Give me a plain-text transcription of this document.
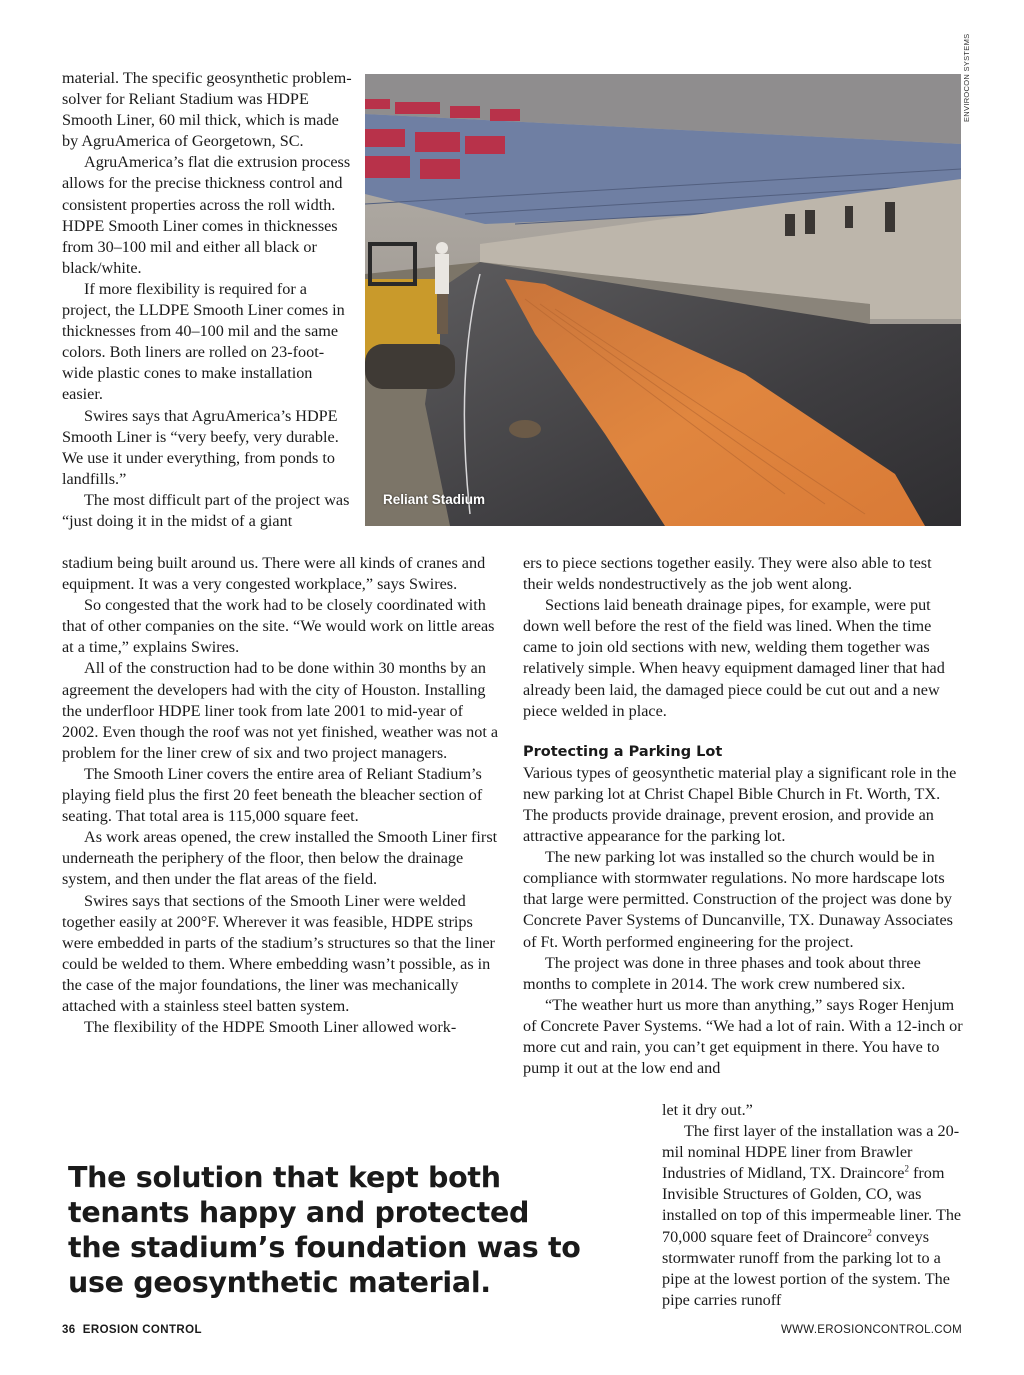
material. The specific geosynthetic problem-solver for Reliant Stadium was HDPE Smooth Liner, 60 mil thick, which is made by AgruAmerica of Georgetown, SC.

AgruAmerica’s flat die extrusion process allows for the precise thickness control and consistent properties across the roll width. HDPE Smooth Liner comes in thicknesses from 30–100 mil and either all black or black/white.

If more flexibility is required for a project, the LLDPE Smooth Liner comes in thicknesses from 40–100 mil and the same colors. Both liners are rolled on 23-foot-wide plastic cones to make installation easier.

Swires says that AgruAmerica’s HDPE Smooth Liner is “very beefy, very durable. We use it under everything, from ponds to landfills.”

The most difficult part of the project was “just doing it in the midst of a giant

Reliant Stadium
ENVIROCON SYSTEMS

stadium being built around us. There were all kinds of cranes and equipment. It was a very congested workplace,” says Swires.

So congested that the work had to be closely coordinated with that of other companies on the site. “We would work on little areas at a time,” explains Swires.

All of the construction had to be done within 30 months by an agreement the developers had with the city of Houston. Installing the underfloor HDPE liner took from late 2001 to mid-year of 2002. Even though the roof was not yet finished, weather was not a problem for the liner crew of six and two project managers.

The Smooth Liner covers the entire area of Reliant Stadium’s playing field plus the first 20 feet beneath the bleacher section of seating. That total area is 115,000 square feet.

As work areas opened, the crew installed the Smooth Liner first underneath the periphery of the floor, then below the drainage system, and then under the flat areas of the field.

Swires says that sections of the Smooth Liner were welded together easily at 200°F. Wherever it was feasible, HDPE strips were embedded in parts of the stadium’s structures so that the liner could be welded to them. Where embedding wasn’t possible, as in the case of the major foundations, the liner was mechanically attached with a stainless steel batten system.

The flexibility of the HDPE Smooth Liner allowed work-

ers to piece sections together easily. They were also able to test their welds nondestructively as the job went along.

Sections laid beneath drainage pipes, for example, were put down well before the rest of the field was lined. When the time came to join old sections with new, welding them together was relatively simple. When heavy equipment damaged liner that had already been laid, the damaged piece could be cut out and a new piece welded in place.

Protecting a Parking Lot

Various types of geosynthetic material play a significant role in the new parking lot at Christ Chapel Bible Church in Ft. Worth, TX. The products provide drainage, prevent erosion, and provide an attractive appearance for the parking lot.

The new parking lot was installed so the church would be in compliance with stormwater regulations. No more hardscape lots that large were permitted. Construction of the project was done by Concrete Paver Systems of Duncanville, TX. Dunaway Associates of Ft. Worth performed engineering for the project.

The project was done in three phases and took about three months to complete in 2014. The work crew numbered six.

“The weather hurt us more than anything,” says Roger Henjum of Concrete Paver Systems. “We had a lot of rain. With a 12-inch or more cut and rain, you can’t get equipment in there. You have to pump it out at the low end and

let it dry out.”

The first layer of the installation was a 20-mil nominal HDPE liner from Brawler Industries of Midland, TX. Draincore$^2$ from Invisible Structures of Golden, CO, was installed on top of this impermeable liner. The 70,000 square feet of Draincore$^2$ conveys stormwater runoff from the parking lot to a pipe at the lowest portion of the system. The pipe carries runoff

The solution that kept both tenants happy and protected the stadium’s foundation was to use geosynthetic material.
36 EROSION CONTROL	WWW.EROSIONCONTROL.COM
